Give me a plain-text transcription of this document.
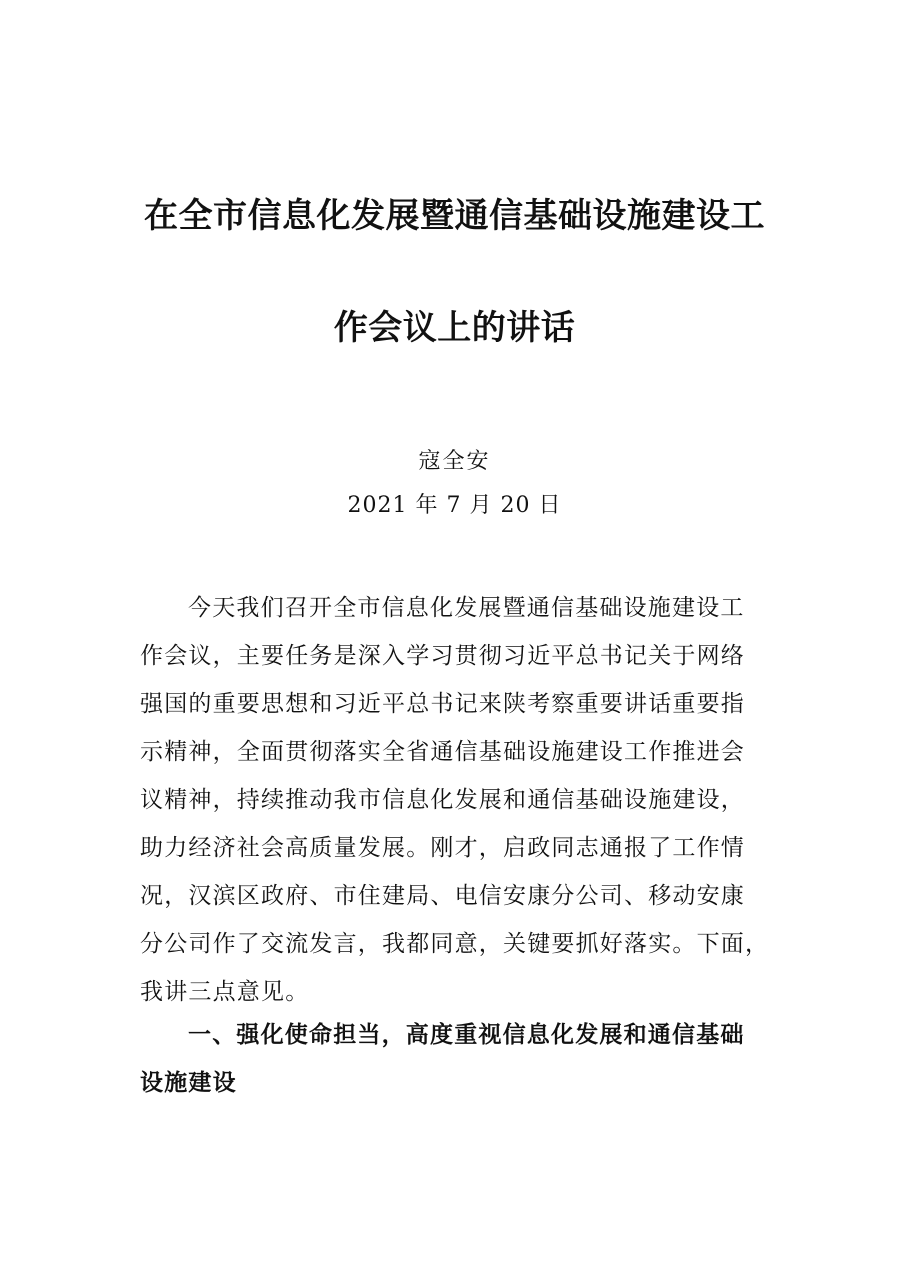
在全市信息化发展暨通信基础设施建设工
作会议上的讲话
寇全安
2021 年 7 月 20 日
今天我们召开全市信息化发展暨通信基础设施建设工
作会议，主要任务是深入学习贯彻习近平总书记关于网络
强国的重要思想和习近平总书记来陕考察重要讲话重要指
示精神，全面贯彻落实全省通信基础设施建设工作推进会
议精神，持续推动我市信息化发展和通信基础设施建设，
助力经济社会高质量发展。刚才，启政同志通报了工作情
况，汉滨区政府、市住建局、电信安康分公司、移动安康
分公司作了交流发言，我都同意，关键要抓好落实。下面，
我讲三点意见。
一、强化使命担当，高度重视信息化发展和通信基础
设施建设
